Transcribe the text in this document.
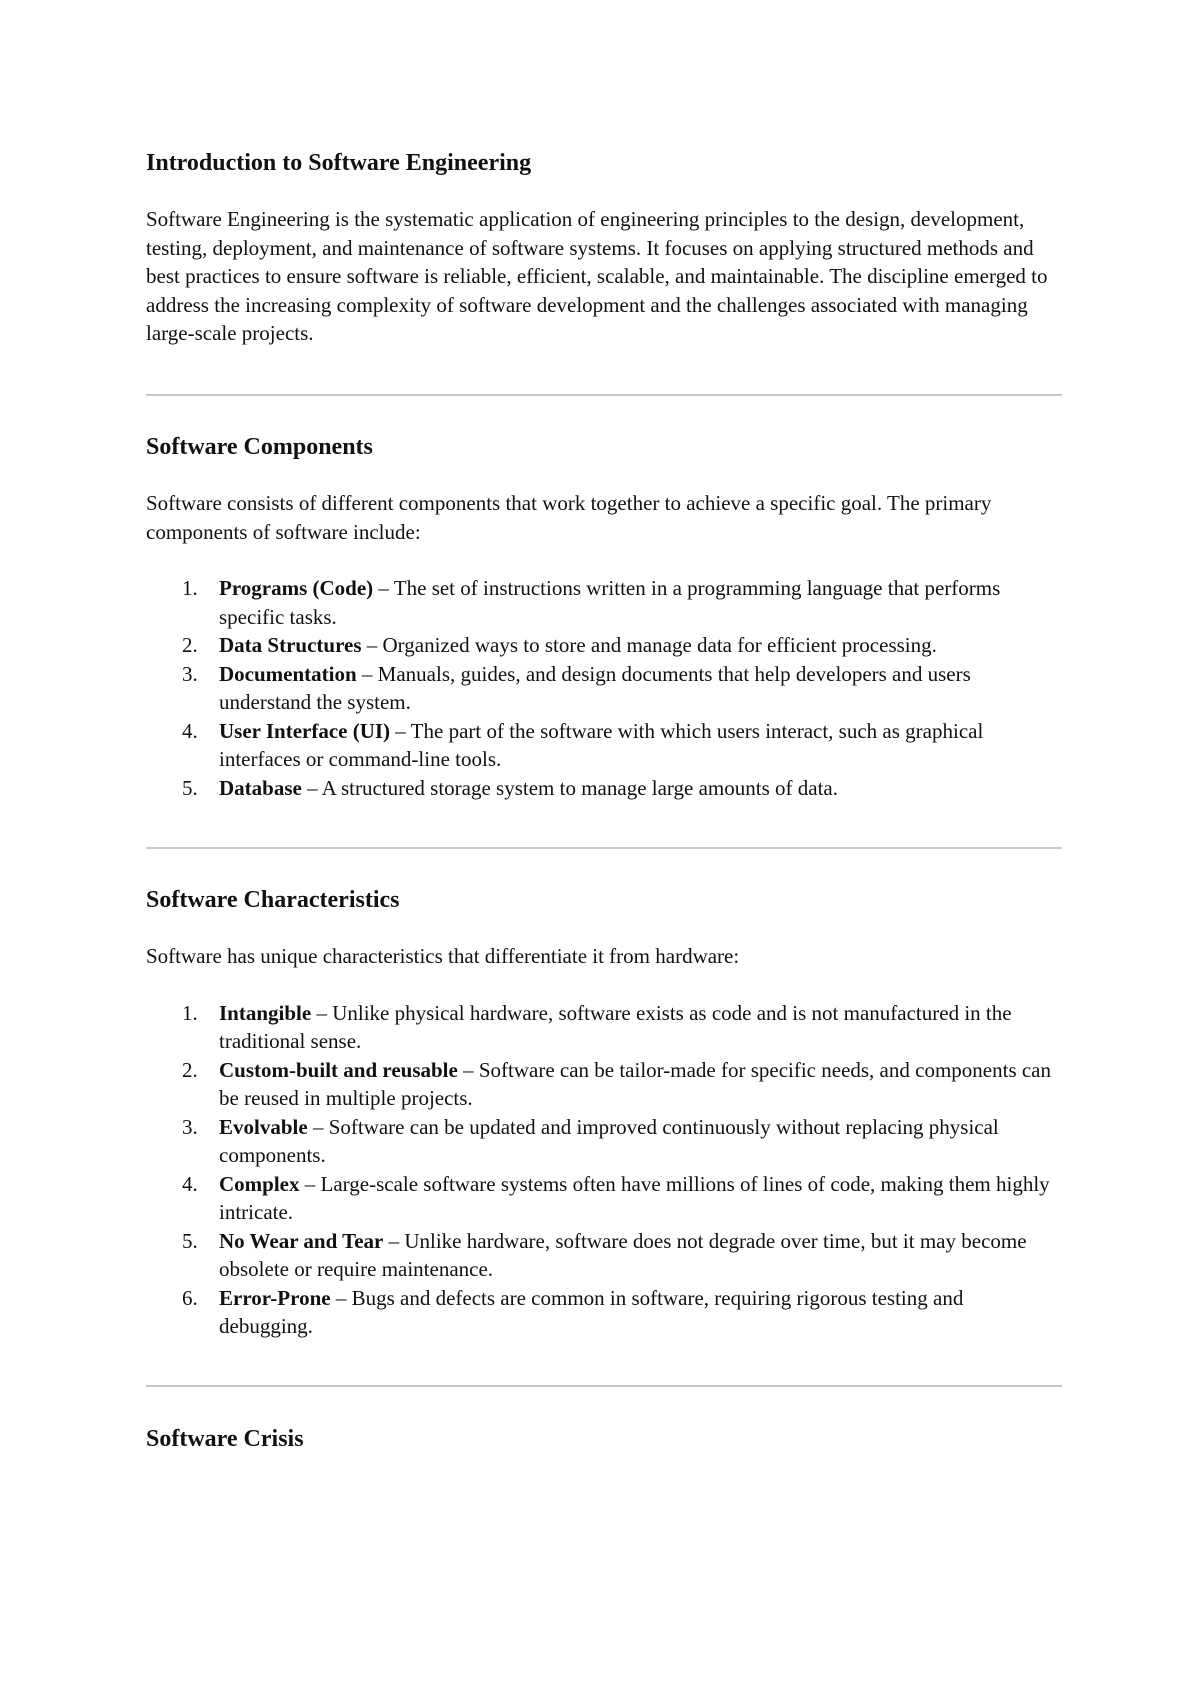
Introduction to Software Engineering

Software Engineering is the systematic application of engineering principles to the design, development, testing, deployment, and maintenance of software systems. It focuses on applying structured methods and best practices to ensure software is reliable, efficient, scalable, and maintainable. The discipline emerged to address the increasing complexity of software development and the challenges associated with managing large-scale projects.

Software Components

Software consists of different components that work together to achieve a specific goal. The primary components of software include:

1. Programs (Code) – The set of instructions written in a programming language that performs specific tasks.
2. Data Structures – Organized ways to store and manage data for efficient processing.
3. Documentation – Manuals, guides, and design documents that help developers and users understand the system.
4. User Interface (UI) – The part of the software with which users interact, such as graphical interfaces or command-line tools.
5. Database – A structured storage system to manage large amounts of data.
Software Characteristics

Software has unique characteristics that differentiate it from hardware:

1. Intangible – Unlike physical hardware, software exists as code and is not manufactured in the traditional sense.
2. Custom-built and reusable – Software can be tailor-made for specific needs, and components can be reused in multiple projects.
3. Evolvable – Software can be updated and improved continuously without replacing physical components.
4. Complex – Large-scale software systems often have millions of lines of code, making them highly intricate.
5. No Wear and Tear – Unlike hardware, software does not degrade over time, but it may become obsolete or require maintenance.
6. Error-Prone – Bugs and defects are common in software, requiring rigorous testing and debugging.
Software Crisis
